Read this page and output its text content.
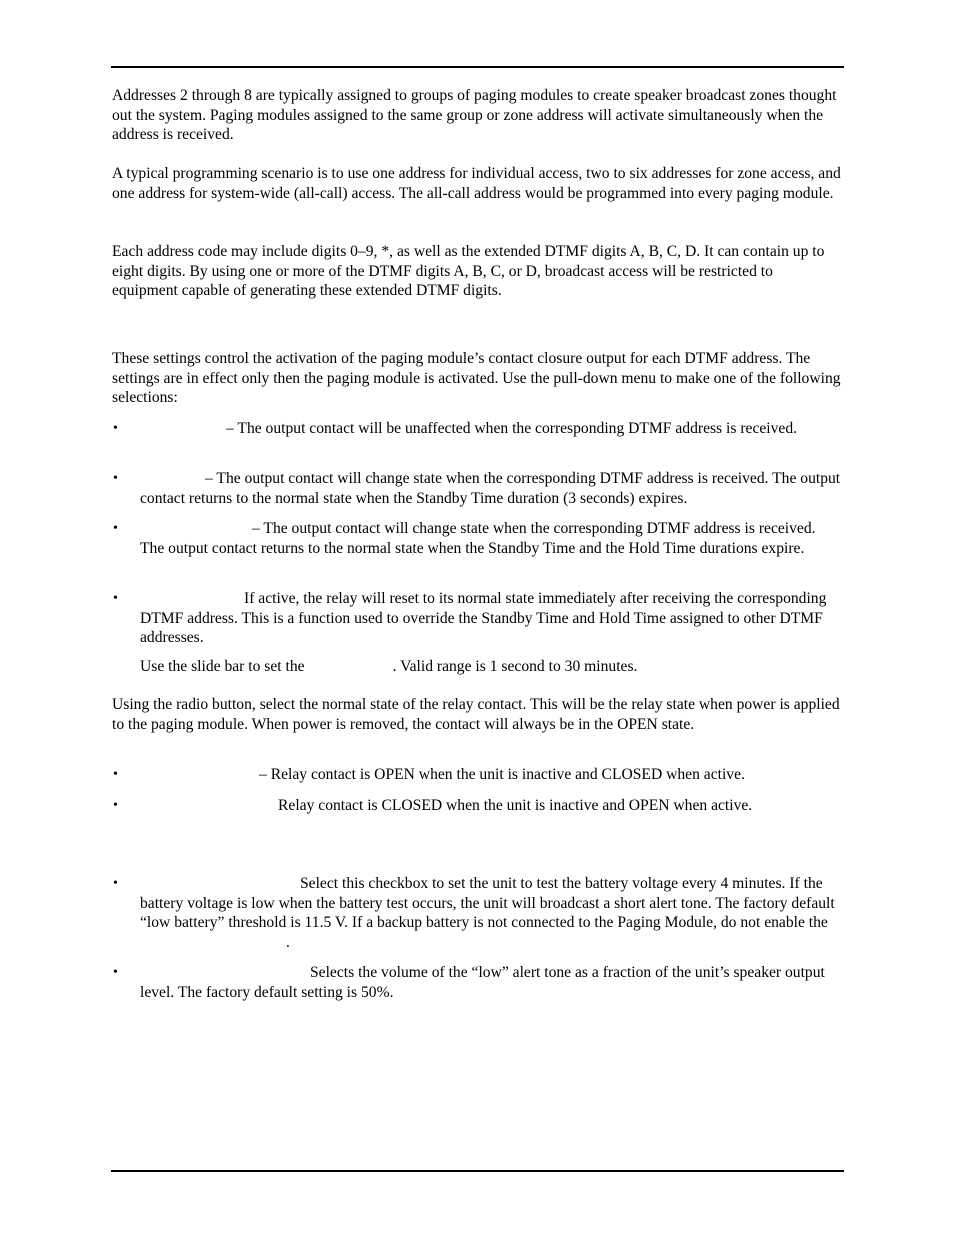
Addresses 2 through 8 are typically assigned to groups of paging modules to create speaker broadcast zones thought out the system. Paging modules assigned to the same group or zone address will activate simultaneously when the address is received.

A typical programming scenario is to use one address for individual access, two to six addresses for zone access, and one address for system-wide (all-call) access. The all-call address would be programmed into every paging module.

Each address code may include digits 0–9, *, as well as the extended DTMF digits A, B, C, D. It can contain up to eight digits. By using one or more of the DTMF digits A, B, C, or D, broadcast access will be restricted to equipment capable of generating these extended DTMF digits.

These settings control the activation of the paging module’s contact closure output for each DTMF address. The settings are in effect only then the paging module is activated. Use the pull-down menu to make one of the following selections:

•	– The output contact will be unaffected when the corresponding DTMF address is received.

•	– The output contact will change state when the corresponding DTMF address is received. The output contact returns to the normal state when the Standby Time duration (3 seconds) expires.

•	– The output contact will change state when the corresponding DTMF address is received. The output contact returns to the normal state when the Standby Time and the Hold Time durations expire.

•	If active, the relay will reset to its normal state immediately after receiving the corresponding DTMF address. This is a function used to override the Standby Time and Hold Time assigned to other DTMF addresses.

Use the slide bar to set the	. Valid range is 1 second to 30 minutes.

Using the radio button, select the normal state of the relay contact. This will be the relay state when power is applied to the paging module. When power is removed, the contact will always be in the OPEN state.

•	– Relay contact is OPEN when the unit is inactive and CLOSED when active.

•	Relay contact is CLOSED when the unit is inactive and OPEN when active.

•	Select this checkbox to set the unit to test the battery voltage every 4 minutes. If the battery voltage is low when the battery test occurs, the unit will broadcast a short alert tone. The factory default “low battery” threshold is 11.5 V. If a backup battery is not connected to the Paging Module, do not enable the.

•	Selects the volume of the “low” alert tone as a fraction of the unit’s speaker output level. The factory default setting is 50%.
